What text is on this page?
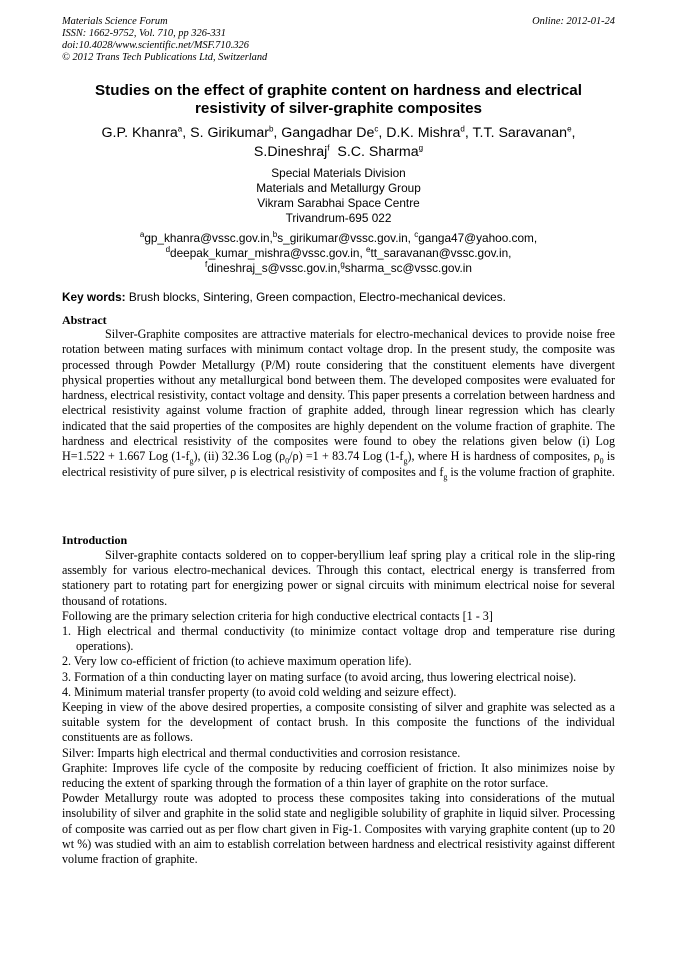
Materials Science Forum
ISSN: 1662-9752, Vol. 710, pp 326-331
doi:10.4028/www.scientific.net/MSF.710.326
© 2012 Trans Tech Publications Ltd, Switzerland
Online: 2012-01-24
Studies on the effect of graphite content on hardness and electrical
resistivity of silver-graphite composites
G.P. Khanra$^a$, S. Girikumar$^b$, Gangadhar De$^c$, D.K. Mishra$^d$, T.T. Saravanan$^e$,
S.Dineshraj$^f$  S.C. Sharma$^g$
Special Materials Division
Materials and Metallurgy Group
Vikram Sarabhai Space Centre
Trivandrum-695 022
$^a$gp_khanra@vssc.gov.in,$^b$s_girikumar@vssc.gov.in, $^c$ganga47@yahoo.com,
$^d$deepak_kumar_mishra@vssc.gov.in, $^e$tt_saravanan@vssc.gov.in,
$^f$dineshraj_s@vssc.gov.in,$^g$sharma_sc@vssc.gov.in
Key words: Brush blocks, Sintering, Green compaction, Electro-mechanical devices.
Abstract
Silver-Graphite composites are attractive materials for electro-mechanical devices to provide noise free rotation between mating surfaces with minimum contact voltage drop. In the present study, the composite was processed through Powder Metallurgy (P/M) route considering that the constituent elements have divergent physical properties without any metallurgical bond between them. The developed composites were evaluated for hardness, electrical resistivity, contact voltage and density. This paper presents a correlation between hardness and electrical resistivity against volume fraction of graphite added, through linear regression which has clearly indicated that the said properties of the composites are highly dependent on the volume fraction of graphite. The hardness and electrical resistivity of the composites were found to obey the relations given below (i) Log H=1.522 + 1.667 Log $(1-f_g)$, (ii) 32.36 Log $(\rho_0/\rho) =1 + 83.74$ Log $(1-f_g)$, where H is hardness of composites, $\rho_0$ is electrical resistivity of pure silver, ρ is electrical resistivity of composites and $f_g$ is the volume fraction of graphite.
Introduction

Silver-graphite contacts soldered on to copper-beryllium leaf spring play a critical role in the slip-ring assembly for various electro-mechanical devices. Through this contact, electrical energy is transferred from stationery part to rotating part for energizing power or signal circuits with minimum electrical noise for several thousand of rotations.

Following are the primary selection criteria for high conductive electrical contacts [1 - 3]

1. High electrical and thermal conductivity (to minimize contact voltage drop and temperature rise during operations).

2. Very low co-efficient of friction (to achieve maximum operation life).

3. Formation of a thin conducting layer on mating surface (to avoid arcing, thus lowering electrical noise).

4. Minimum material transfer property (to avoid cold welding and seizure effect).

Keeping in view of the above desired properties, a composite consisting of silver and graphite was selected as a suitable system for the development of contact brush. In this composite the functions of the individual constituents are as follows.

Silver: Imparts high electrical and thermal conductivities and corrosion resistance.

Graphite: Improves life cycle of the composite by reducing coefficient of friction. It also minimizes noise by reducing the extent of sparking through the formation of a thin layer of graphite on the rotor surface.

Powder Metallurgy route was adopted to process these composites taking into considerations of the mutual insolubility of silver and graphite in the solid state and negligible solubility of graphite in liquid silver. Processing of composite was carried out as per flow chart given in Fig-1. Composites with varying graphite content (up to 20 wt %) was studied with an aim to establish correlation between hardness and electrical resistivity against different volume fraction of graphite.
